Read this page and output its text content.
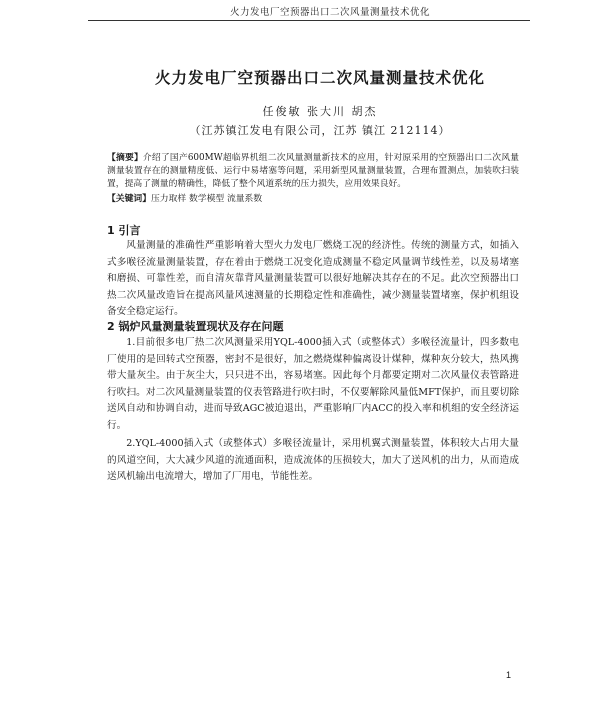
火力发电厂空预器出口二次风量测量技术优化
火力发电厂空预器出口二次风量测量技术优化
任俊敏 张大川 胡杰
（江苏镇江发电有限公司，江苏 镇江 212114）
【摘要】介绍了国产600MW超临界机组二次风量测量新技术的应用，针对原采用的空预器出口二次风量测量装置存在的测量精度低、运行中易堵塞等问题，采用新型风量测量装置，合理布置测点，加装吹扫装置，提高了测量的精确性，降低了整个风道系统的压力损失，应用效果良好。
【关键词】压力取样 数学模型 流量系数
1 引言
风量测量的准确性严重影响着大型火力发电厂燃烧工况的经济性。传统的测量方式，如插入式多喉径流量测量装置，存在着由于燃烧工况变化造成测量不稳定风量调节线性差，以及易堵塞和磨损、可靠性差，而自清灰靠背风量测量装置可以很好地解决其存在的不足。此次空预器出口热二次风量改造旨在提高风量风速测量的长期稳定性和准确性，减少测量装置堵塞，保护机组设备安全稳定运行。
2 锅炉风量测量装置现状及存在问题
1.目前很多电厂热二次风测量采用YQL-4000插入式（或整体式）多喉径流量计，四多数电厂使用的是回转式空预器，密封不是很好，加之燃烧煤种偏离设计煤种，煤种灰分较大，热风携带大量灰尘。由于灰尘大，只只进不出，容易堵塞。因此每个月都要定期对二次风量仪表管路进行吹扫。对二次风量测量装置的仪表管路进行吹扫时，不仅要解除风量低MFT保护，而且要切除送风自动和协调自动，进而导致AGC被迫退出，严重影响厂内ACC的投入率和机组的安全经济运行。
2.YQL-4000插入式（或整体式）多喉径流量计，采用机翼式测量装置，体积较大占用大量的风道空间，大大减少风道的流通面积，造成流体的压损较大，加大了送风机的出力，从而造成送风机输出电流增大，增加了厂用电，节能性差。
1
